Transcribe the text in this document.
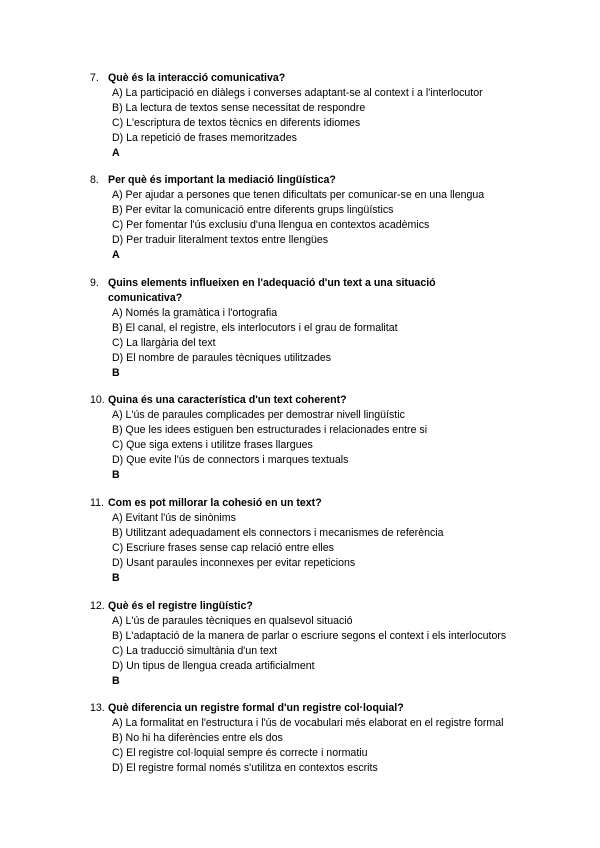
7. Què és la interacció comunicativa?
A) La participació en diàlegs i converses adaptant-se al context i a l'interlocutor
B) La lectura de textos sense necessitat de respondre
C) L'escriptura de textos tècnics en diferents idiomes
D) La repetició de frases memoritzades
A
8. Per què és important la mediació lingüística?
A) Per ajudar a persones que tenen dificultats per comunicar-se en una llengua
B) Per evitar la comunicació entre diferents grups lingüístics
C) Per fomentar l'ús exclusiu d'una llengua en contextos acadèmics
D) Per traduir literalment textos entre llengües
A
9. Quins elements influeixen en l'adequació d'un text a una situació comunicativa?
A) Només la gramàtica i l'ortografia
B) El canal, el registre, els interlocutors i el grau de formalitat
C) La llargària del text
D) El nombre de paraules tècniques utilitzades
B
10. Quina és una característica d'un text coherent?
A) L'ús de paraules complicades per demostrar nivell lingüístic
B) Que les idees estiguen ben estructurades i relacionades entre si
C) Que siga extens i utilitze frases llargues
D) Que evite l'ús de connectors i marques textuals
B
11. Com es pot millorar la cohesió en un text?
A) Evitant l'ús de sinònims
B) Utilitzant adequadament els connectors i mecanismes de referència
C) Escriure frases sense cap relació entre elles
D) Usant paraules inconnexes per evitar repeticions
B
12. Què és el registre lingüístic?
A) L'ús de paraules tècniques en qualsevol situació
B) L'adaptació de la manera de parlar o escriure segons el context i els interlocutors
C) La traducció simultània d'un text
D) Un tipus de llengua creada artificialment
B
13. Què diferencia un registre formal d'un registre col·loquial?
A) La formalitat en l'estructura i l'ús de vocabulari més elaborat en el registre formal
B) No hi ha diferències entre els dos
C) El registre col·loquial sempre és correcte i normatiu
D) El registre formal només s'utilitza en contextos escrits
